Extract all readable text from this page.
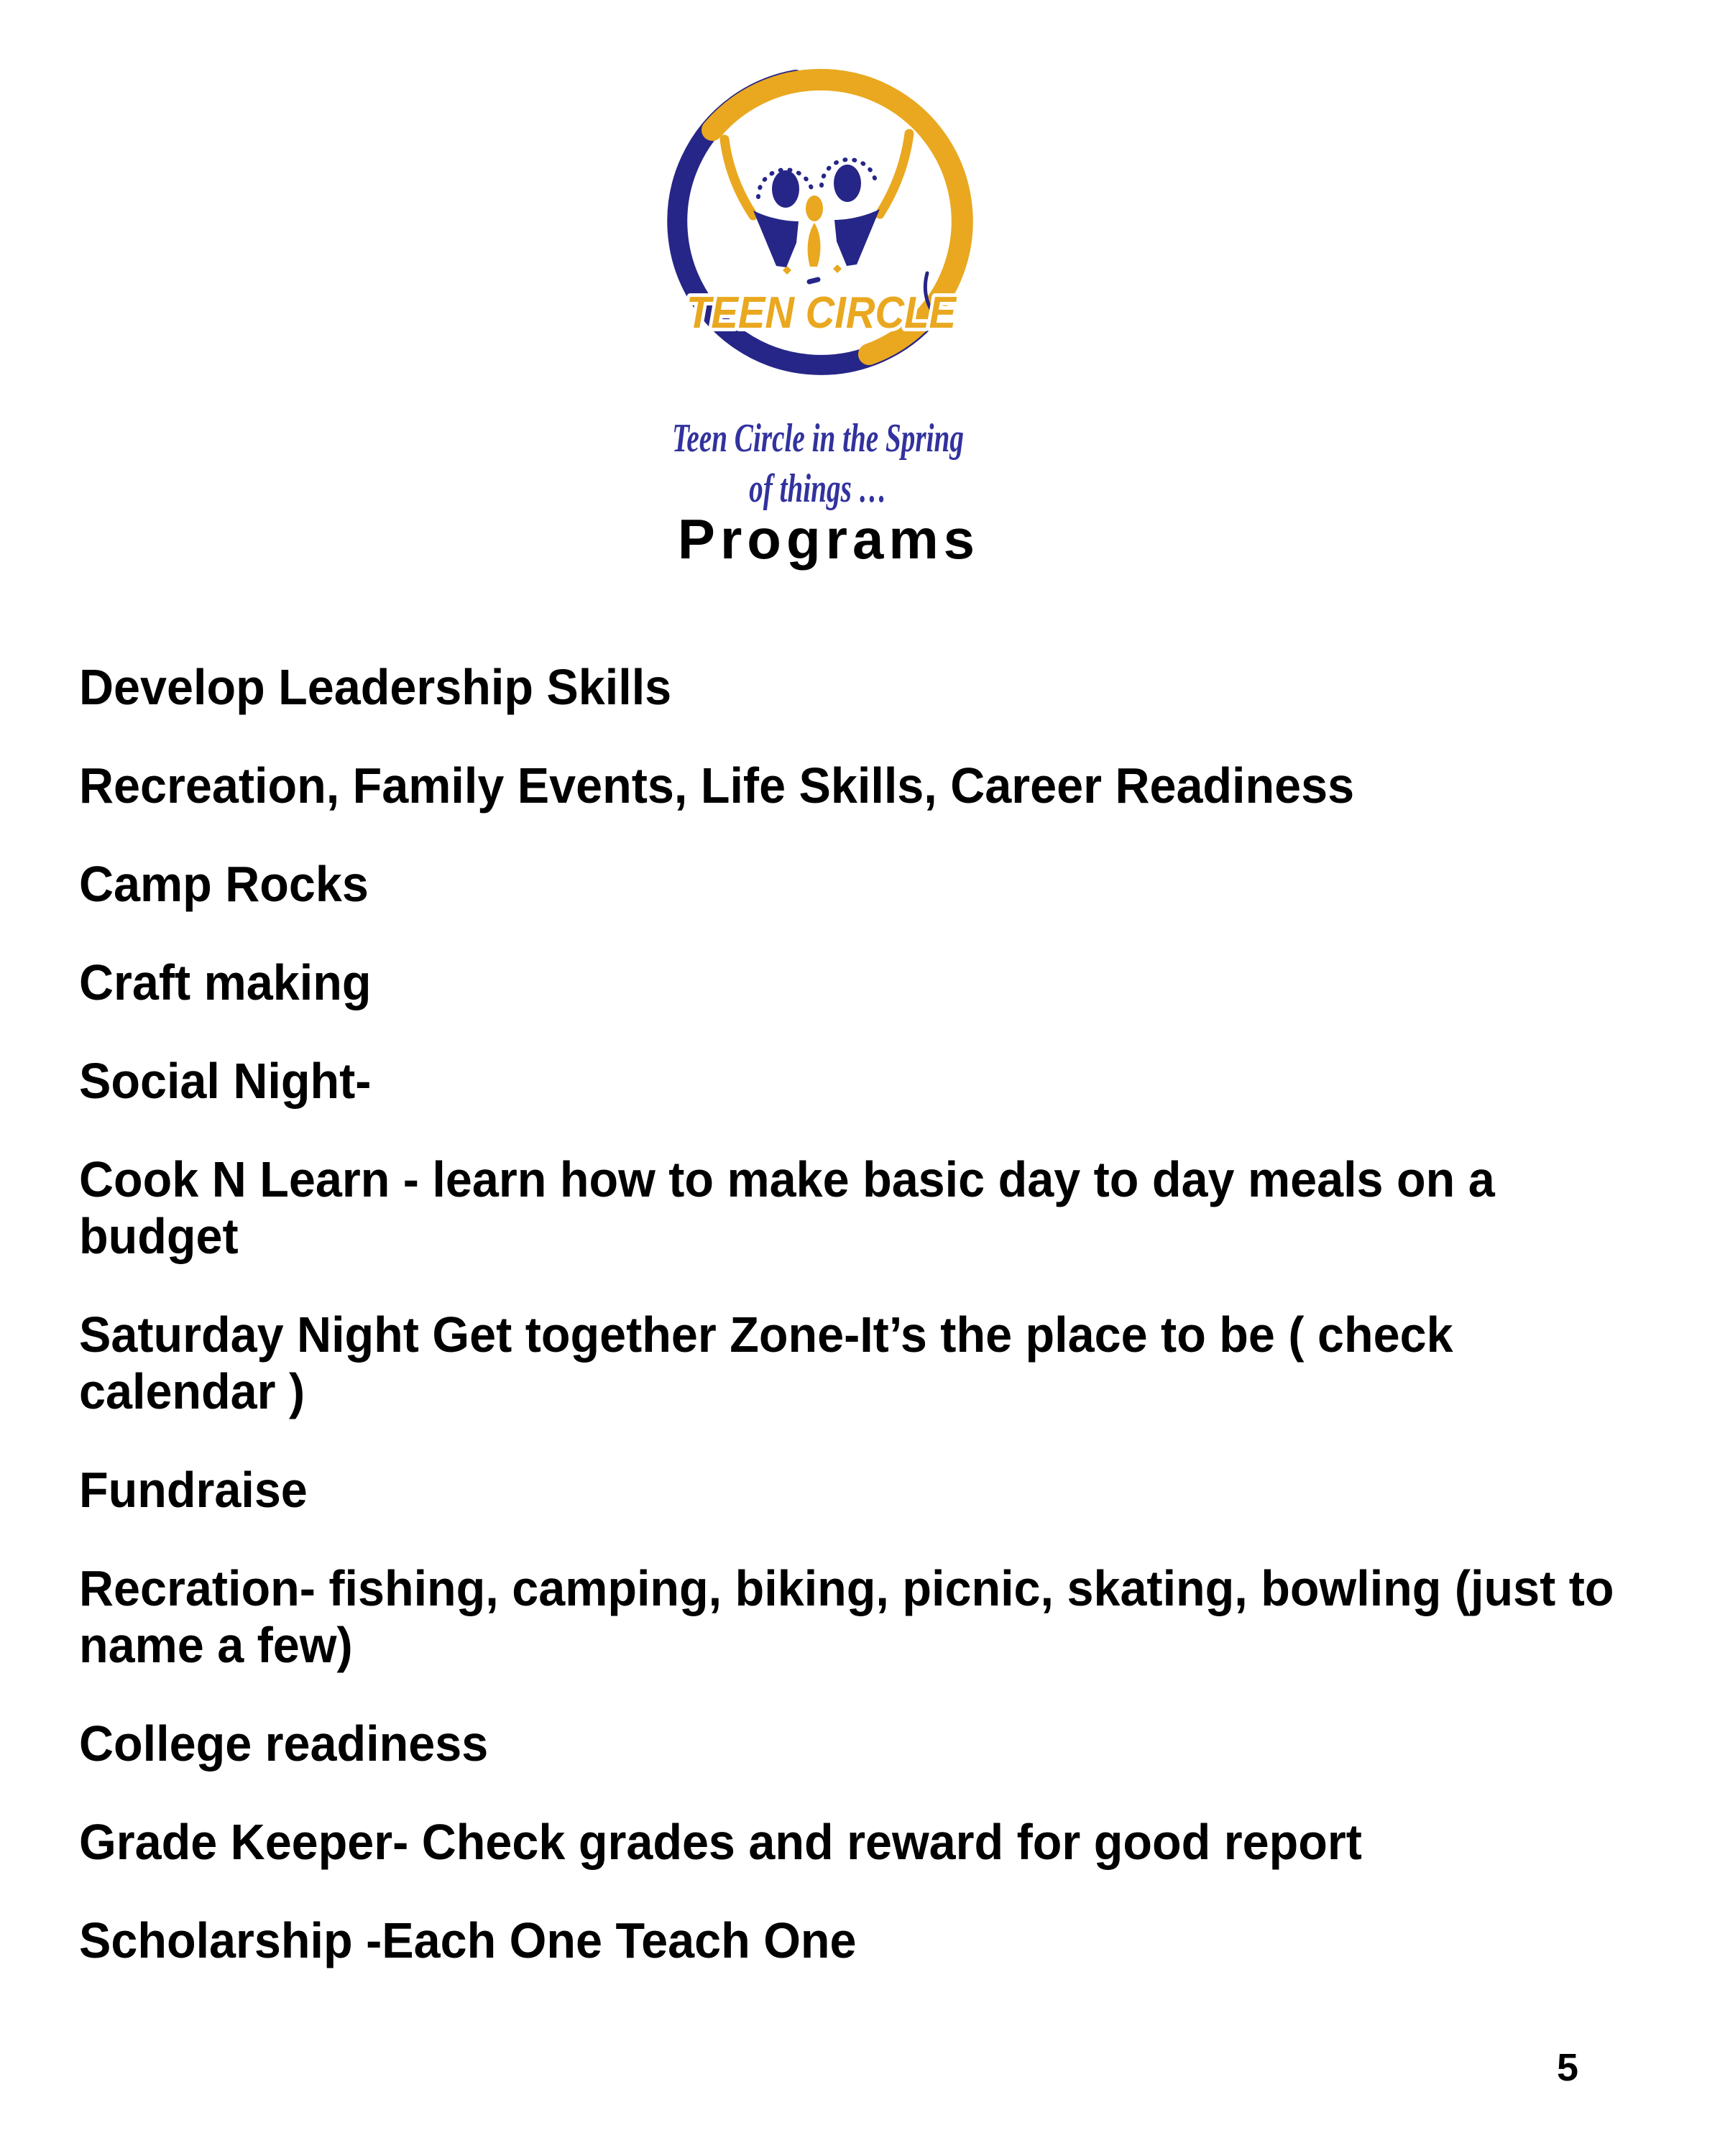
TEEN CIRCLE
Teen Circle in the Spring
of things …
Programs
Develop Leadership Skills
Recreation, Family Events, Life Skills, Career Readiness
Camp Rocks
Craft making
Social Night-
Cook N Learn - learn how to make basic day to day meals on a
budget
Saturday Night Get together Zone-It’s the place to be ( check
calendar )
Fundraise
Recration- fishing, camping, biking, picnic, skating, bowling (just to
name a few)
College readiness
Grade Keeper- Check grades and reward for good report
Scholarship -Each One Teach One
5
